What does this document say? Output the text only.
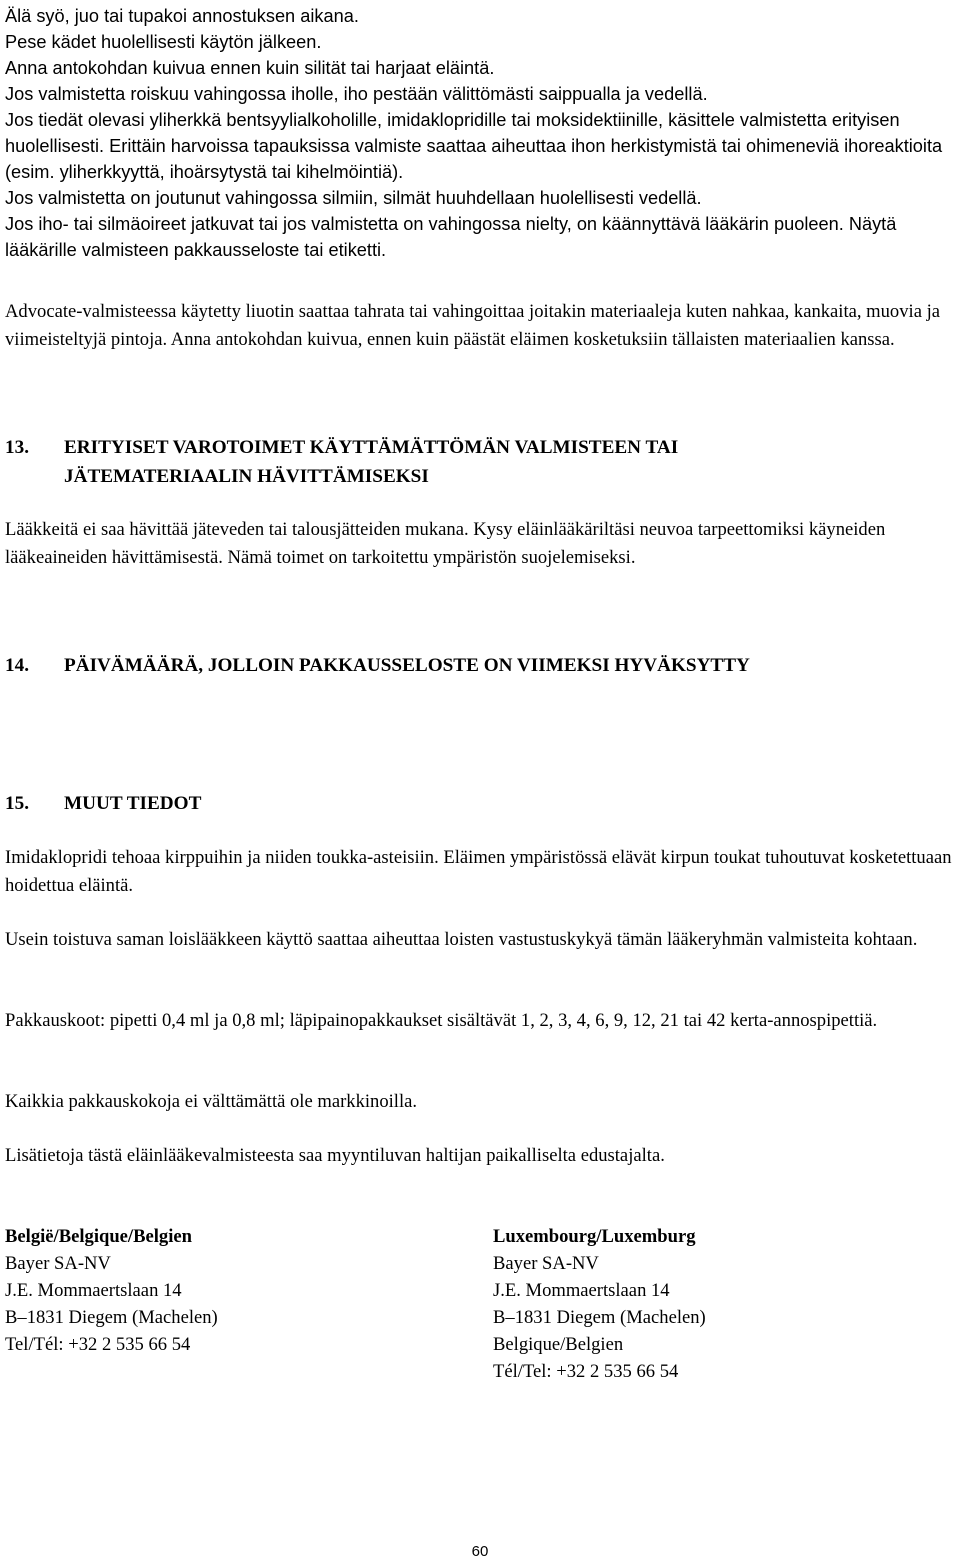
Älä syö, juo tai tupakoi annostuksen aikana.

Pese kädet huolellisesti käytön jälkeen.

Anna antokohdan kuivua ennen kuin silität tai harjaat eläintä.

Jos valmistetta roiskuu vahingossa iholle, iho pestään välittömästi saippualla ja vedellä.

Jos tiedät olevasi yliherkkä bentsyylialkoholille, imidaklopridille tai moksidektiinille, käsittele valmistetta erityisen huolellisesti. Erittäin harvoissa tapauksissa valmiste saattaa aiheuttaa ihon herkistymistä tai ohimeneviä ihoreaktioita (esim. yliherkkyyttä, ihoärsytystä tai kihelmöintiä).

Jos valmistetta on joutunut vahingossa silmiin, silmät huuhdellaan huolellisesti vedellä.

Jos iho- tai silmäoireet jatkuvat tai jos valmistetta on vahingossa nielty, on käännyttävä lääkärin puoleen. Näytä lääkärille valmisteen pakkausseloste tai etiketti.

Advocate-valmisteessa käytetty liuotin saattaa tahrata tai vahingoittaa joitakin materiaaleja kuten nahkaa, kankaita, muovia ja viimeisteltyjä pintoja. Anna antokohdan kuivua, ennen kuin päästät eläimen kosketuksiin tällaisten materiaalien kanssa.

13. ERITYISET VAROTOIMET KÄYTTÄMÄTTÖMÄN VALMISTEEN TAI
JÄTEMATERIAALIN HÄVITTÄMISEKSI

Lääkkeitä ei saa hävittää jäteveden tai talousjätteiden mukana. Kysy eläinlääkäriltäsi neuvoa tarpeettomiksi käyneiden lääkeaineiden hävittämisestä. Nämä toimet on tarkoitettu ympäristön suojelemiseksi.

14. PÄIVÄMÄÄRÄ, JOLLOIN PAKKAUSSELOSTE ON VIIMEKSI HYVÄKSYTTY
15. MUUT TIEDOT

Imidaklopridi tehoaa kirppuihin ja niiden toukka-asteisiin. Eläimen ympäristössä elävät kirpun toukat tuhoutuvat kosketettuaan hoidettua eläintä.

Usein toistuva saman loislääkkeen käyttö saattaa aiheuttaa loisten vastustuskykyä tämän lääkeryhmän valmisteita kohtaan.

Pakkauskoot: pipetti 0,4 ml ja 0,8 ml; läpipainopakkaukset sisältävät 1, 2, 3, 4, 6, 9, 12, 21 tai 42 kerta-annospipettiä.

Kaikkia pakkauskokoja ei välttämättä ole markkinoilla.

Lisätietoja tästä eläinlääkevalmisteesta saa myyntiluvan haltijan paikalliselta edustajalta.

België/Belgique/Belgien
Bayer SA-NV
J.E. Mommaertslaan 14
B–1831 Diegem (Machelen)
Tel/Tél: +32 2 535 66 54
Luxembourg/Luxemburg
Bayer SA-NV
J.E. Mommaertslaan 14
B–1831 Diegem (Machelen)
Belgique/Belgien
Tél/Tel: +32 2 535 66 54
60
